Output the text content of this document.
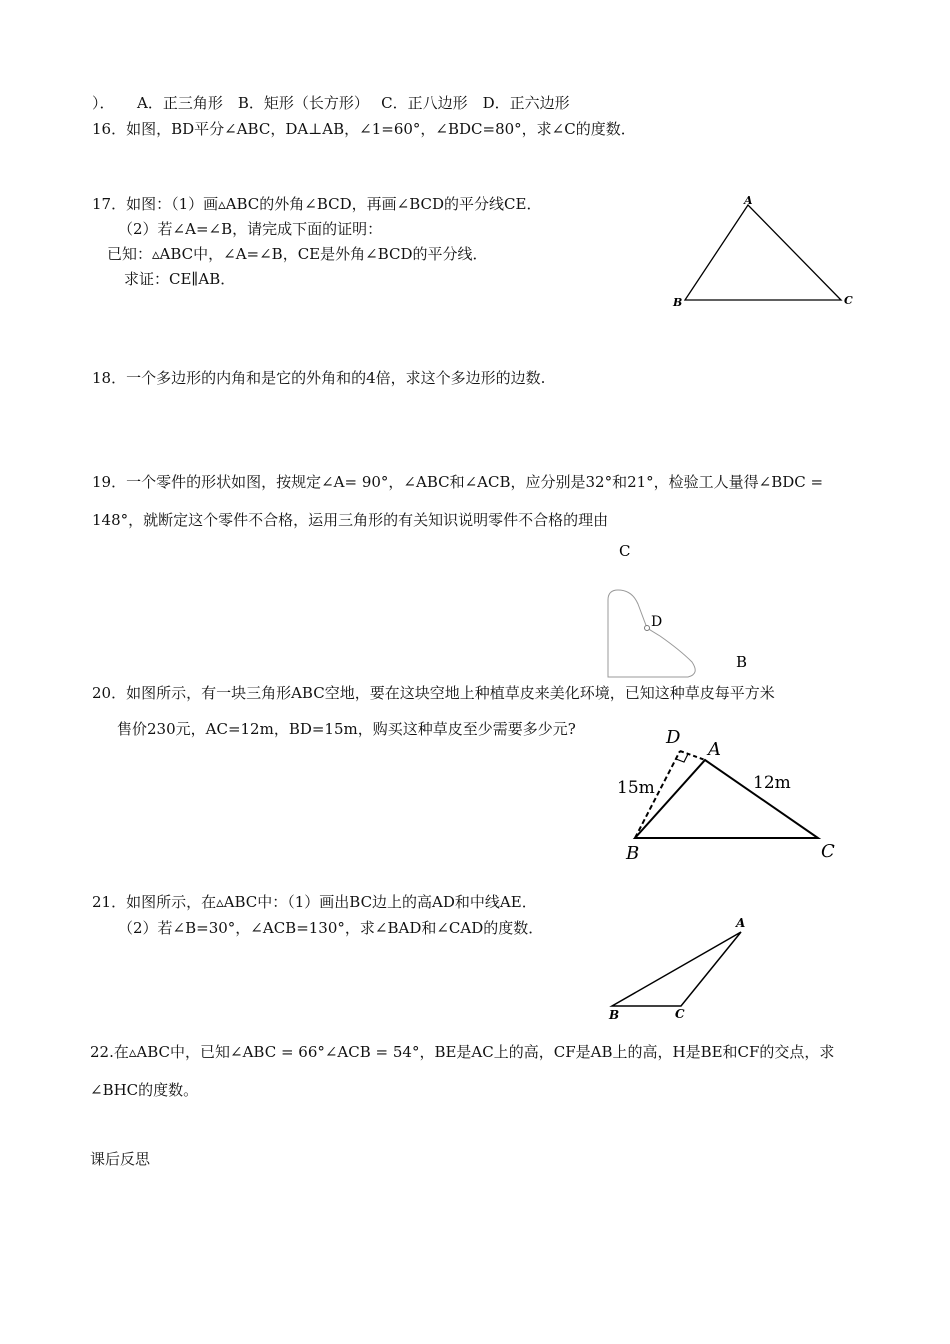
）．　　A．正三角形　B．矩形（长方形）　 C．正八边形　D．正六边形
16．如图，BD平分∠ABC，DA⊥AB，∠1=60°，∠BDC=80°，求∠C的度数．
17．如图：（1）画▵ABC的外角∠BCD，再画∠BCD的平分线CE．
（2）若∠A=∠B，请完成下面的证明：
已知：▵ABC中，∠A=∠B，CE是外角∠BCD的平分线．
求证：CE∥AB．
A
B	C
18．一个多边形的内角和是它的外角和的4倍，求这个多边形的边数.
19．一个零件的形状如图，按规定∠A= 90°，∠ABC和∠ACB，应分别是32°和21°，检验工人量得∠BDC =
148°，就断定这个零件不合格，运用三角形的有关知识说明零件不合格的理由
C
D
B
20．如图所示，有一块三角形ABC空地，要在这块空地上种植草皮来美化环境，已知这种草皮每平方米
售价230元，AC=12m，BD=15m，购买这种草皮至少需要多少元?	D
A
15m	12m
B	C
21．如图所示，在▵ABC中：（1）画出BC边上的高AD和中线AE．
（2）若∠B=30°，∠ACB=130°，求∠BAD和∠CAD的度数．	A
B	C
22.在▵ABC中，已知∠ABC = 66°∠ACB = 54°，BE是AC上的高，CF是AB上的高，H是BE和CF的交点，求
∠BHC的度数。
课后反思
